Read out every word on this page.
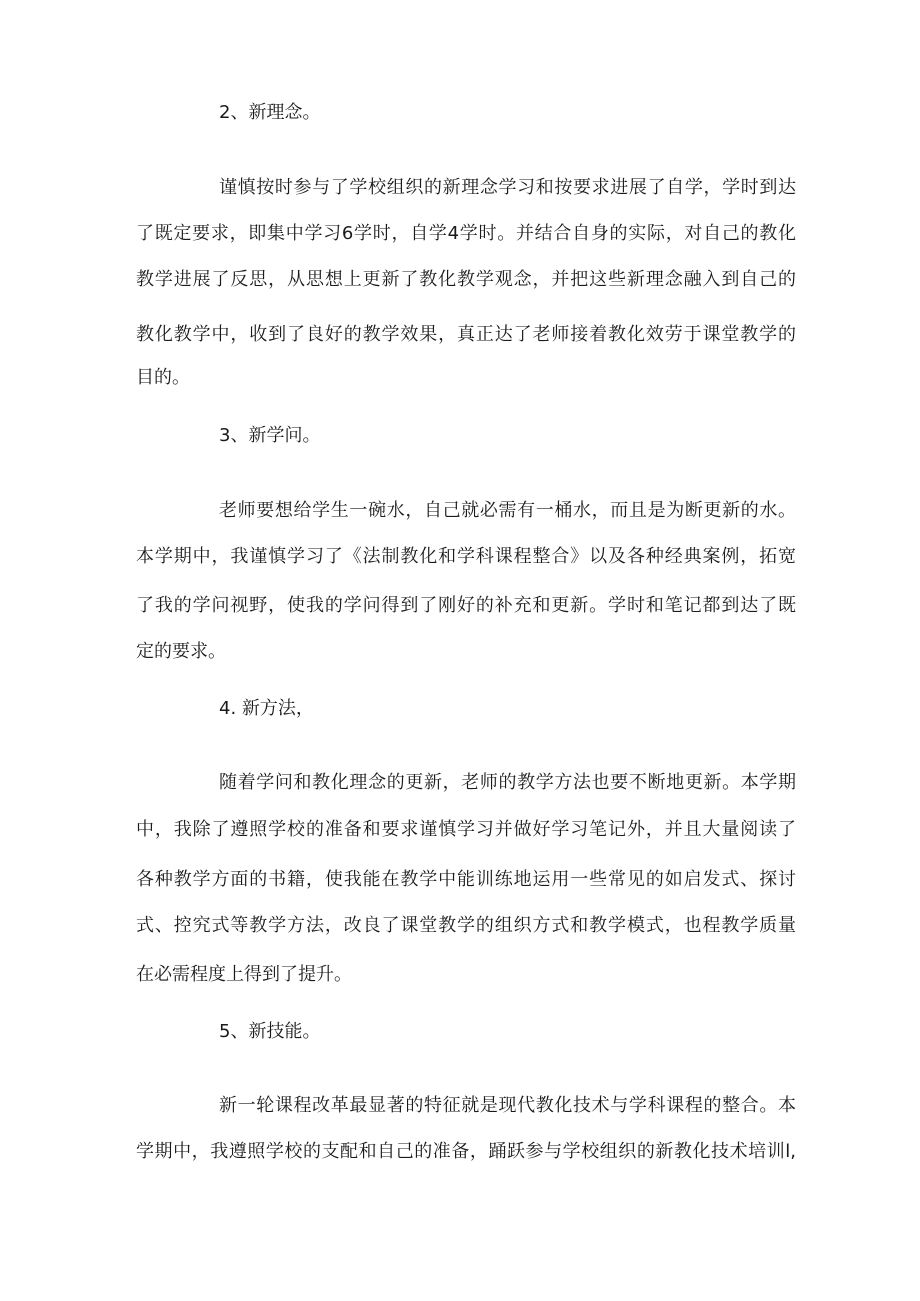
2、新理念。
谨慎按时参与了学校组织的新理念学习和按要求进展了自学，学时到达
了既定要求，即集中学习6学时，自学4学时。并结合自身的实际，对自己的教化
教学进展了反思，从思想上更新了教化教学观念，并把这些新理念融入到自己的
教化教学中，收到了良好的教学效果，真正达了老师接着教化效劳于课堂教学的
目的。
3、新学问。
老师要想给学生一碗水，自己就必需有一桶水，而且是为断更新的水。
本学期中，我谨慎学习了《法制教化和学科课程整合》以及各种经典案例，拓宽
了我的学问视野，使我的学问得到了刚好的补充和更新。学时和笔记都到达了既
定的要求。
4. 新方法，
随着学问和教化理念的更新，老师的教学方法也要不断地更新。本学期
中，我除了遵照学校的准备和要求谨慎学习并做好学习笔记外，并且大量阅读了
各种教学方面的书籍，使我能在教学中能训练地运用一些常见的如启发式、探讨
式、控究式等教学方法，改良了课堂教学的组织方式和教学模式，也程教学质量
在必需程度上得到了提升。
5、新技能。
新一轮课程改革最显著的特征就是现代教化技术与学科课程的整合。本
学期中，我遵照学校的支配和自己的准备，踊跃参与学校组织的新教化技术培训l,
